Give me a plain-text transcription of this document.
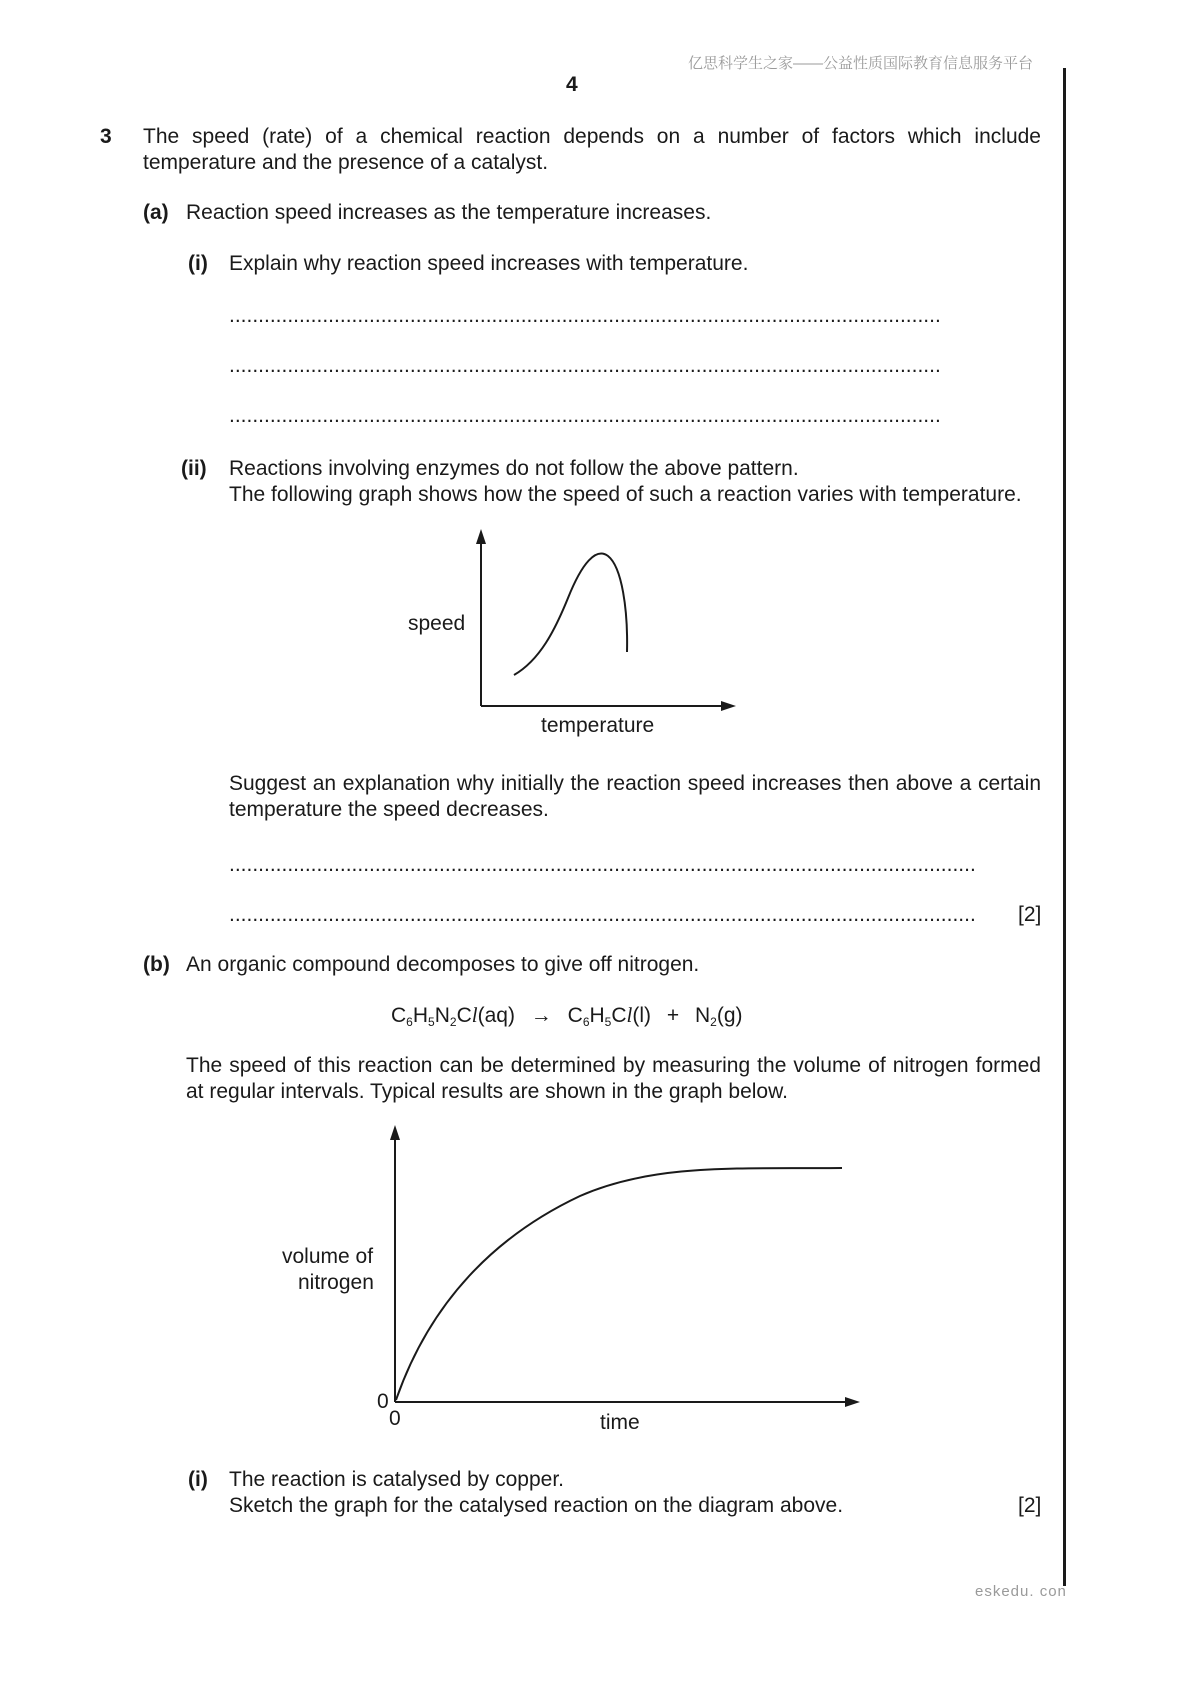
亿思科学生之家——公益性质国际教育信息服务平台
4
3 The speed (rate) of a chemical reaction depends on a number of factors which include temperature and the presence of a catalyst.
(a) Reaction speed increases as the temperature increases.
(i) Explain why reaction speed increases with temperature.
..........................................................................................................................
..........................................................................................................................
..........................................................................................................................
(ii) Reactions involving enzymes do not follow the above pattern.
The following graph shows how the speed of such a reaction varies with temperature.
speed
temperature
Suggest an explanation why initially the reaction speed increases then above a certain temperature the speed decreases.
................................................................................................................................
................................................................................................................................	[2]
(b) An organic compound decomposes to give off nitrogen.
$C_6H_5N_2Cl(aq) \to C_6H_5Cl(l) + N_2(g)$
The speed of this reaction can be determined by measuring the volume of nitrogen formed at regular intervals. Typical results are shown in the graph below.
volume of
nitrogen
0
0	time
(i) The reaction is catalysed by copper.
Sketch the graph for the catalysed reaction on the diagram above.	[2]
eskedu. con
